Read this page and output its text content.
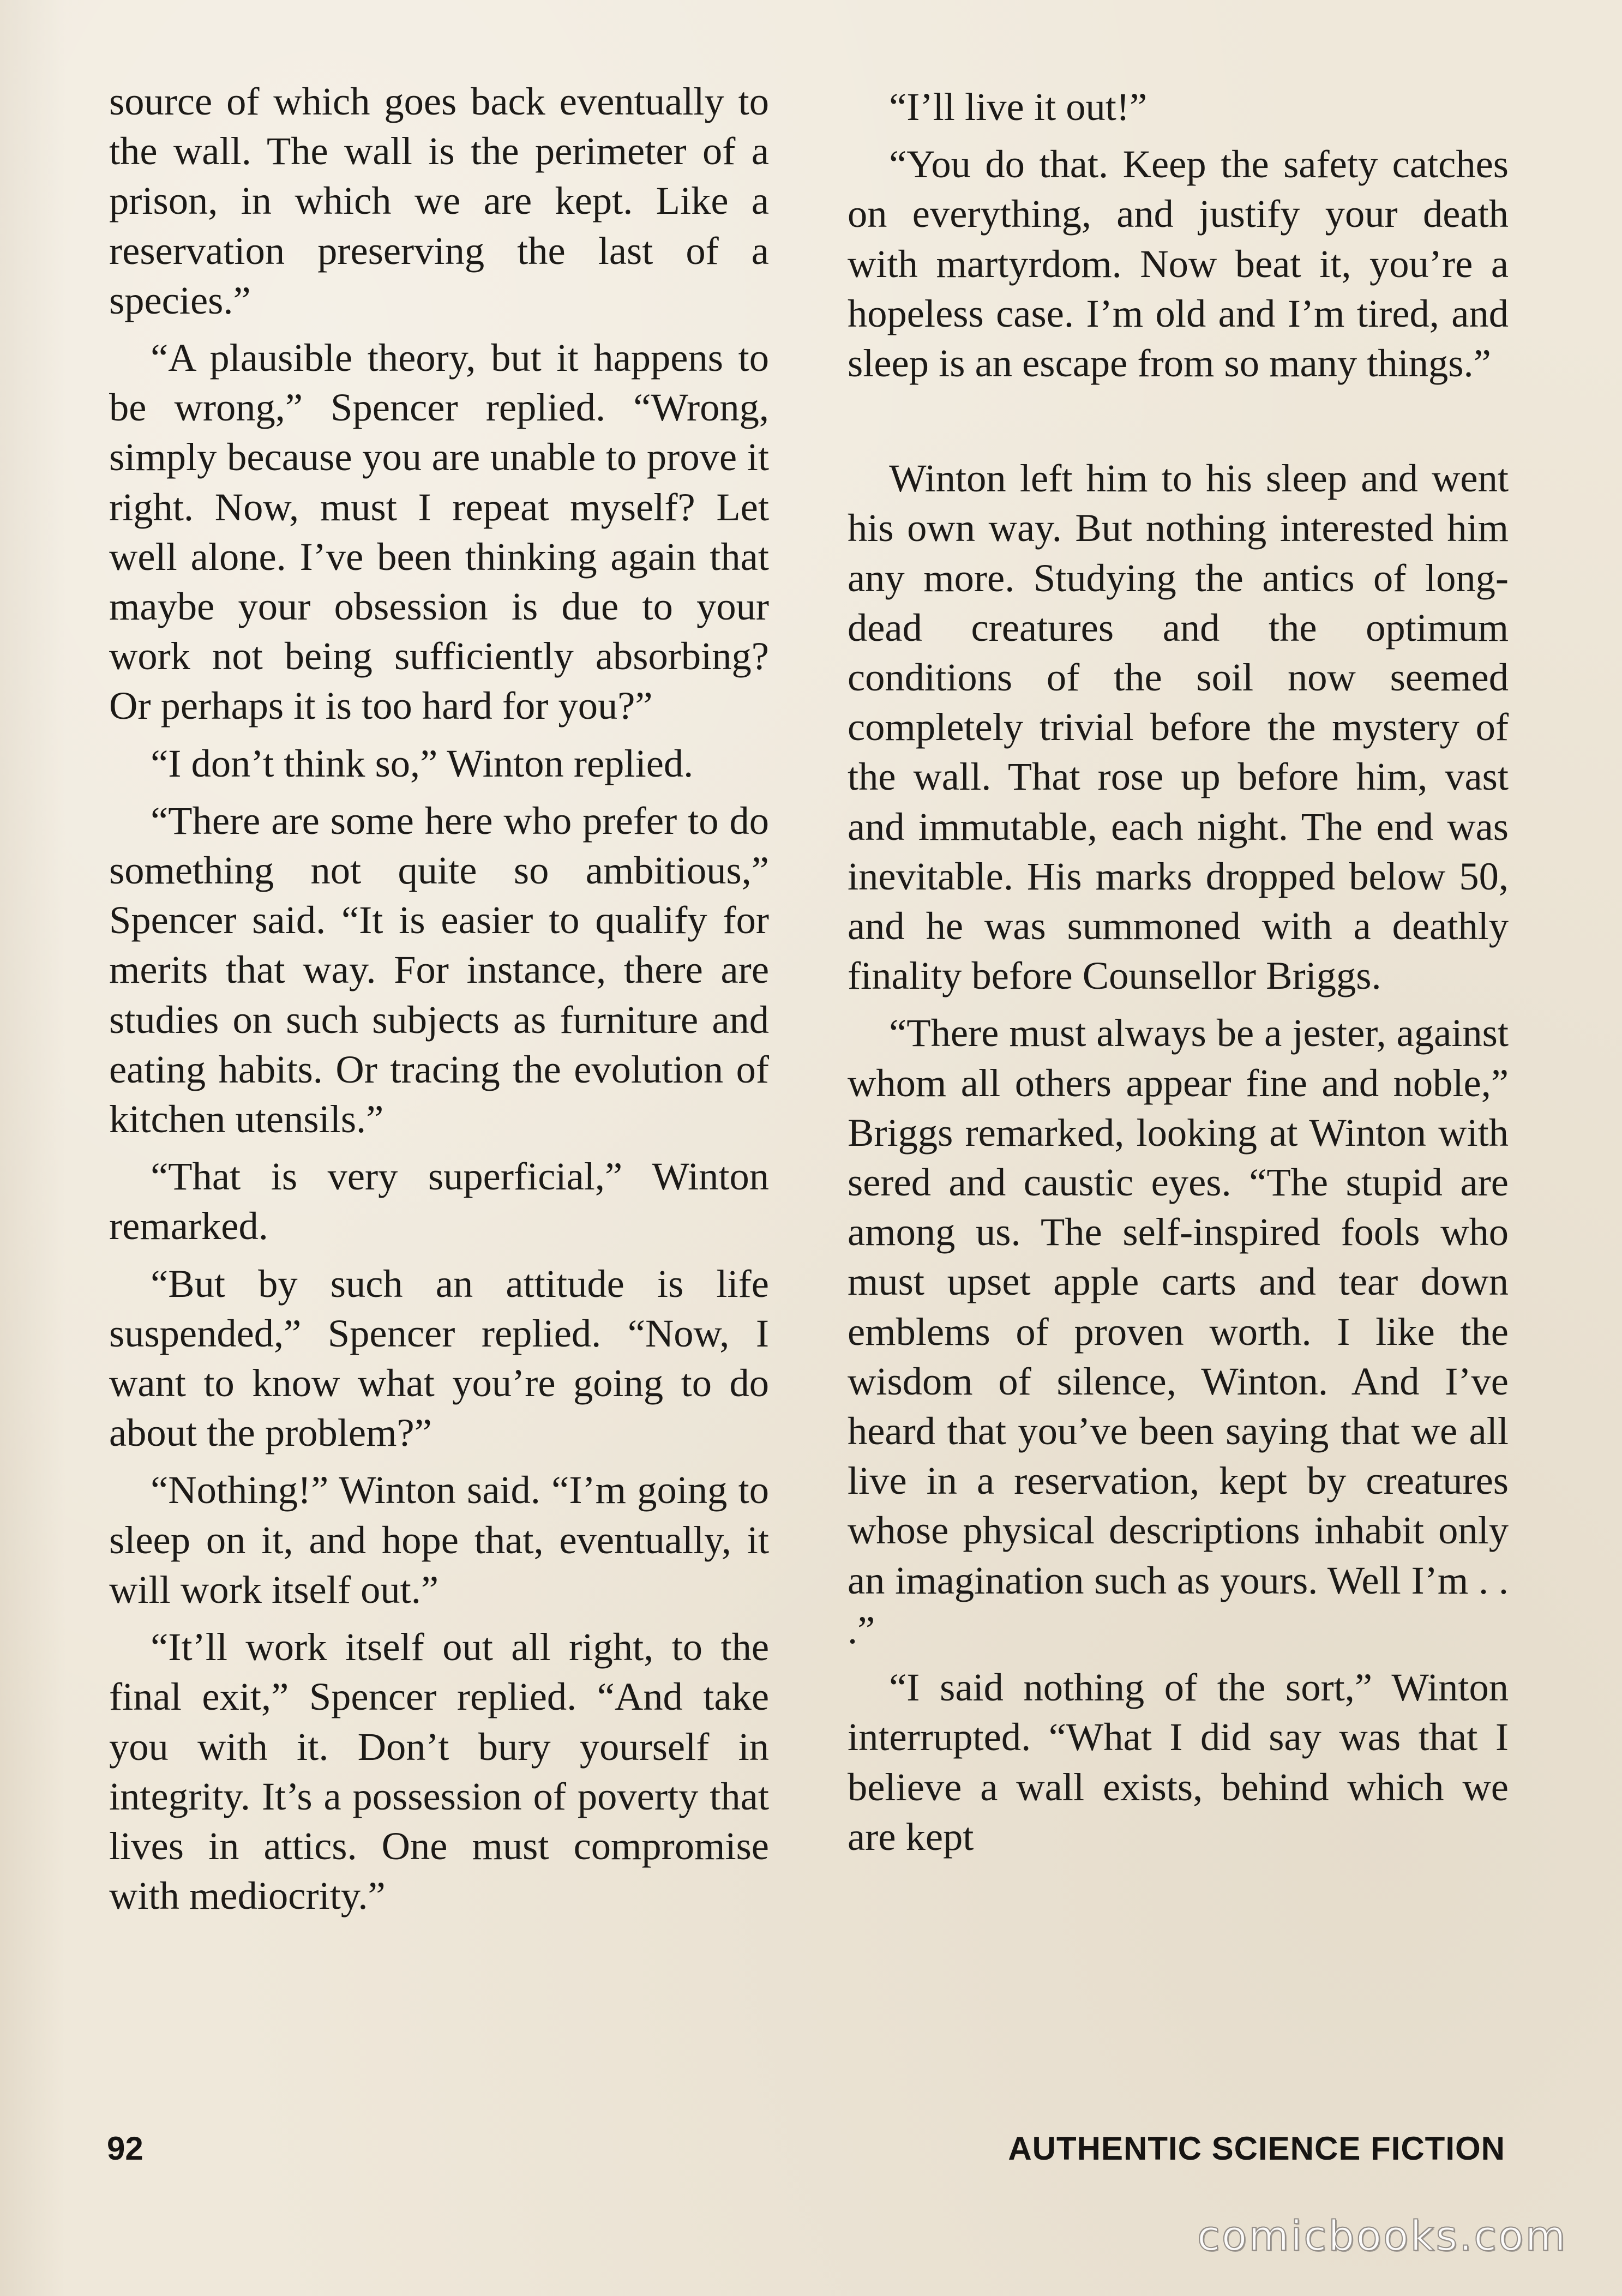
source of which goes back eventually to the wall. The wall is the perimeter of a prison, in which we are kept. Like a reservation preserving the last of a species.”

“A plausible theory, but it happens to be wrong,” Spencer replied. “Wrong, simply because you are unable to prove it right. Now, must I repeat myself? Let well alone. I’ve been thinking again that maybe your obsession is due to your work not being sufficiently absorbing? Or perhaps it is too hard for you?”

“I don’t think so,” Winton replied.

“There are some here who prefer to do something not quite so ambitious,” Spencer said. “It is easier to qualify for merits that way. For instance, there are studies on such subjects as furniture and eating habits. Or tracing the evolution of kitchen utensils.”

“That is very superficial,” Winton remarked.

“But by such an attitude is life suspended,” Spencer replied. “Now, I want to know what you’re going to do about the problem?”

“Nothing!” Winton said. “I’m going to sleep on it, and hope that, eventually, it will work itself out.”

“It’ll work itself out all right, to the final exit,” Spencer replied. “And take you with it. Don’t bury yourself in integrity. It’s a possession of poverty that lives in attics. One must compromise with mediocrity.”

“I’ll live it out!”

“You do that. Keep the safety catches on everything, and justify your death with martyrdom. Now beat it, you’re a hopeless case. I’m old and I’m tired, and sleep is an escape from so many things.”

Winton left him to his sleep and went his own way. But nothing interested him any more. Studying the antics of long-dead creatures and the optimum conditions of the soil now seemed completely trivial before the mystery of the wall. That rose up before him, vast and immutable, each night. The end was inevitable. His marks dropped below 50, and he was summoned with a deathly finality before Counsellor Briggs.

“There must always be a jester, against whom all others appear fine and noble,” Briggs remarked, looking at Winton with sered and caustic eyes. “The stupid are among us. The self-inspired fools who must upset apple carts and tear down emblems of proven worth. I like the wisdom of silence, Winton. And I’ve heard that you’ve been saying that we all live in a reservation, kept by creatures whose physical descriptions inhabit only an imagination such as yours. Well I’m . . .”

“I said nothing of the sort,” Winton interrupted. “What I did say was that I believe a wall exists, behind which we are kept

92	AUTHENTIC SCIENCE FICTION
comicbooks.com
